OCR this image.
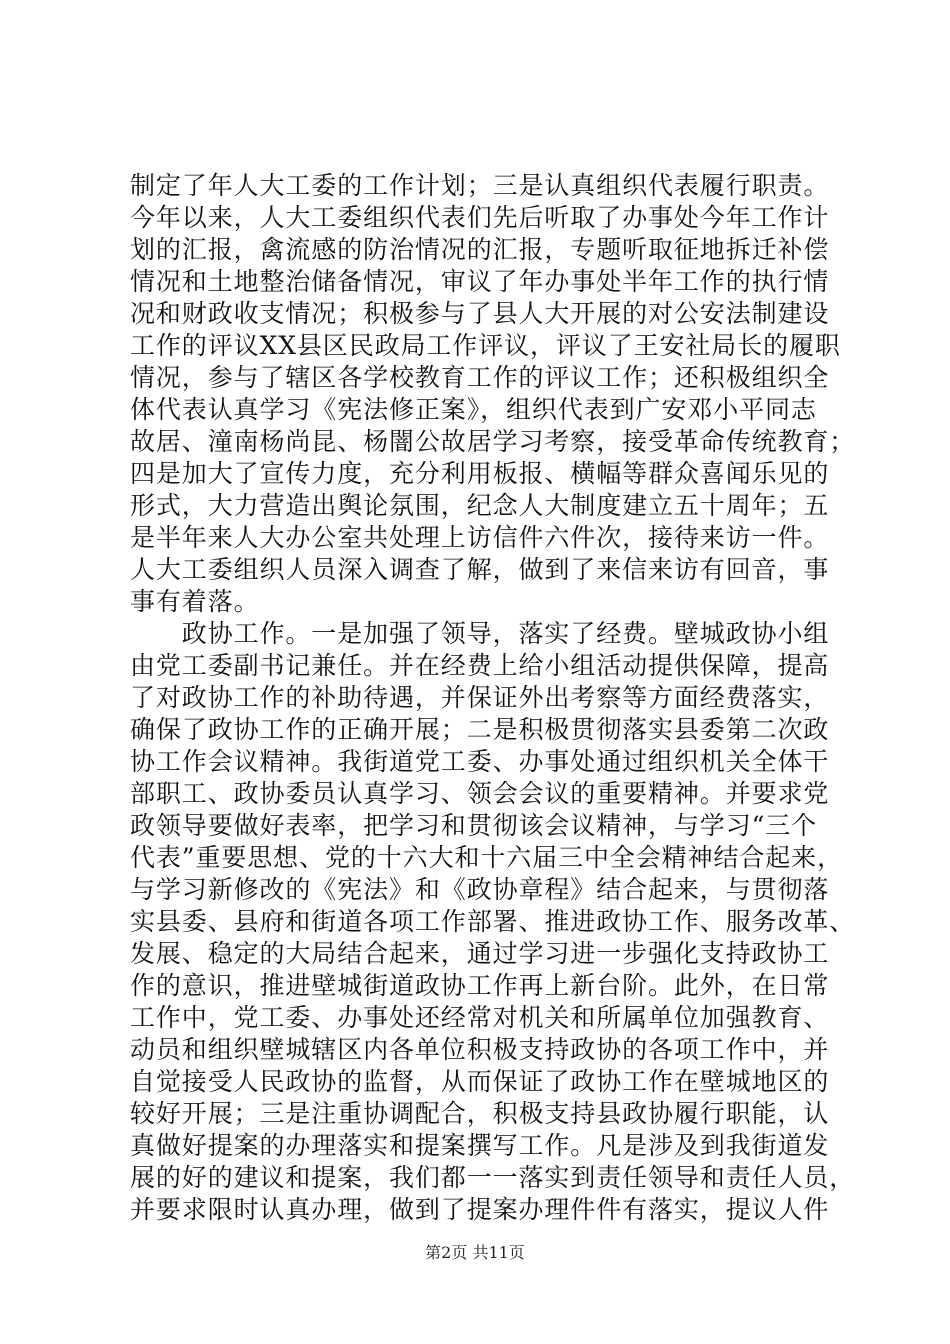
制定了年人大工委的工作计划；三是认真组织代表履行职责。
今年以来，人大工委组织代表们先后听取了办事处今年工作计
划的汇报，禽流感的防治情况的汇报，专题听取征地拆迁补偿
情况和土地整治储备情况，审议了年办事处半年工作的执行情
况和财政收支情况；积极参与了县人大开展的对公安法制建设
工作的评议XX县区民政局工作评议，评议了王安社局长的履职
情况，参与了辖区各学校教育工作的评议工作；还积极组织全
体代表认真学习《宪法修正案》，组织代表到广安邓小平同志
故居、潼南杨尚昆、杨闇公故居学习考察，接受革命传统教育；
四是加大了宣传力度，充分利用板报、横幅等群众喜闻乐见的
形式，大力营造出舆论氛围，纪念人大制度建立五十周年；五
是半年来人大办公室共处理上访信件六件次，接待来访一件。
人大工委组织人员深入调查了解，做到了来信来访有回音，事
事有着落。
　　政协工作。一是加强了领导，落实了经费。壁城政协小组
由党工委副书记兼任。并在经费上给小组活动提供保障，提高
了对政协工作的补助待遇，并保证外出考察等方面经费落实，
确保了政协工作的正确开展；二是积极贯彻落实县委第二次政
协工作会议精神。我街道党工委、办事处通过组织机关全体干
部职工、政协委员认真学习、领会会议的重要精神。并要求党
政领导要做好表率，把学习和贯彻该会议精神，与学习“三个
代表”重要思想、党的十六大和十六届三中全会精神结合起来，
与学习新修改的《宪法》和《政协章程》结合起来，与贯彻落
实县委、县府和街道各项工作部署、推进政协工作、服务改革、
发展、稳定的大局结合起来，通过学习进一步强化支持政协工
作的意识，推进壁城街道政协工作再上新台阶。此外，在日常
工作中，党工委、办事处还经常对机关和所属单位加强教育、
动员和组织壁城辖区内各单位积极支持政协的各项工作中，并
自觉接受人民政协的监督，从而保证了政协工作在壁城地区的
较好开展；三是注重协调配合，积极支持县政协履行职能，认
真做好提案的办理落实和提案撰写工作。凡是涉及到我街道发
展的好的建议和提案，我们都一一落实到责任领导和责任人员，
并要求限时认真办理，做到了提案办理件件有落实，提议人件
第2页 共11页
